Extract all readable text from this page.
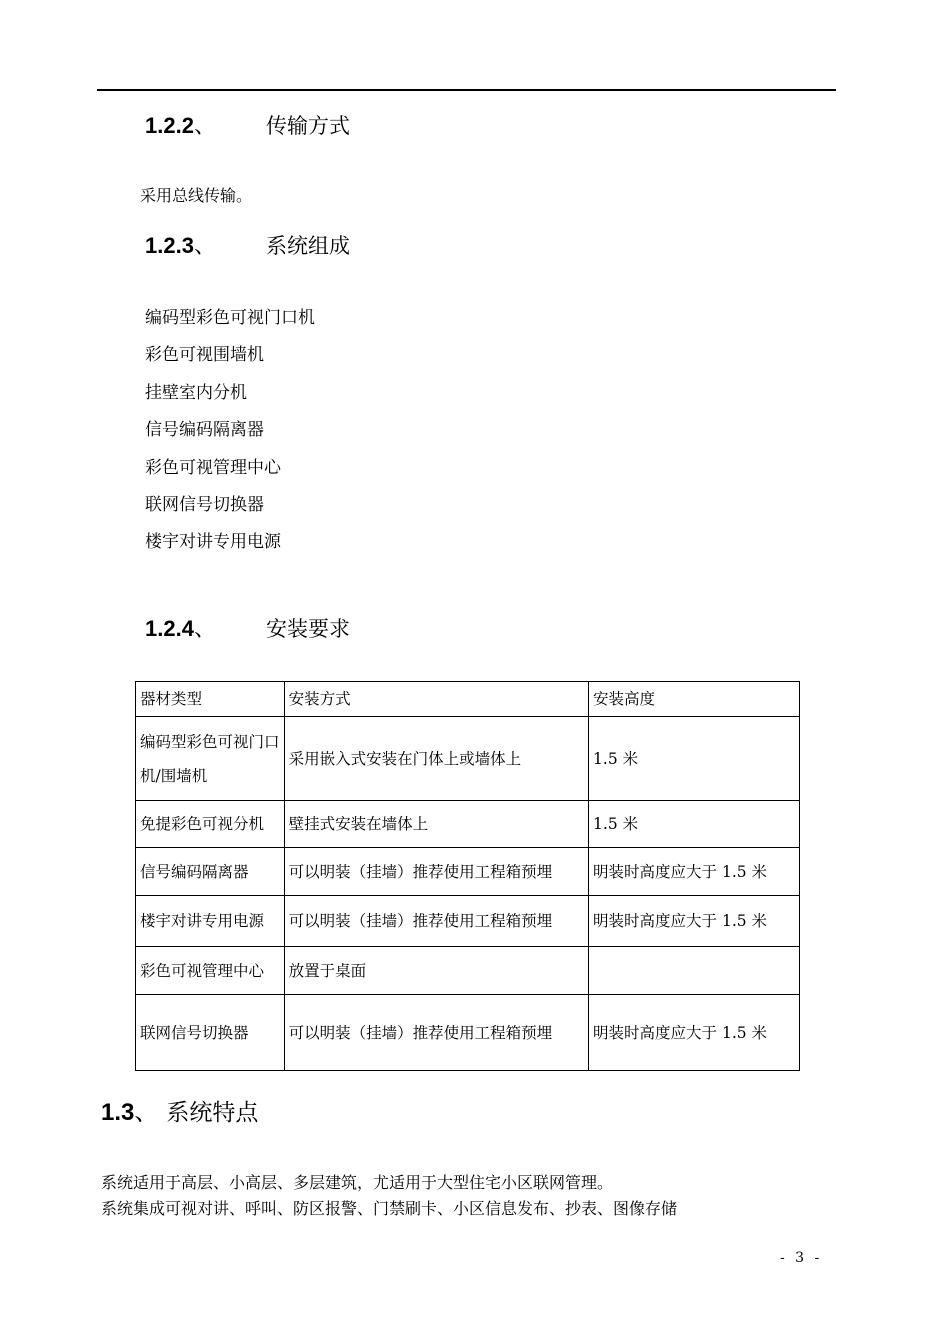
1.2.2、 传输方式
采用总线传输。
1.2.3、 系统组成
编码型彩色可视门口机
彩色可视围墙机
挂壁室内分机
信号编码隔离器
彩色可视管理中心
联网信号切换器
楼宇对讲专用电源
1.2.4、 安装要求
器材类型	安装方式	安装高度
编码型彩色可视门口机/围墙机	采用嵌入式安装在门体上或墙体上	1.5 米
免提彩色可视分机	壁挂式安装在墙体上	1.5 米
信号编码隔离器	可以明装（挂墙）推荐使用工程箱预埋	明装时高度应大于 1.5 米
楼宇对讲专用电源	可以明装（挂墙）推荐使用工程箱预埋	明装时高度应大于 1.5 米
彩色可视管理中心	放置于桌面	
联网信号切换器	可以明装（挂墙）推荐使用工程箱预埋	明装时高度应大于 1.5 米
1.3、 系统特点
系统适用于高层、小高层、多层建筑，尤适用于大型住宅小区联网管理。
系统集成可视对讲、呼叫、防区报警、门禁刷卡、小区信息发布、抄表、图像存储
- 3 -
